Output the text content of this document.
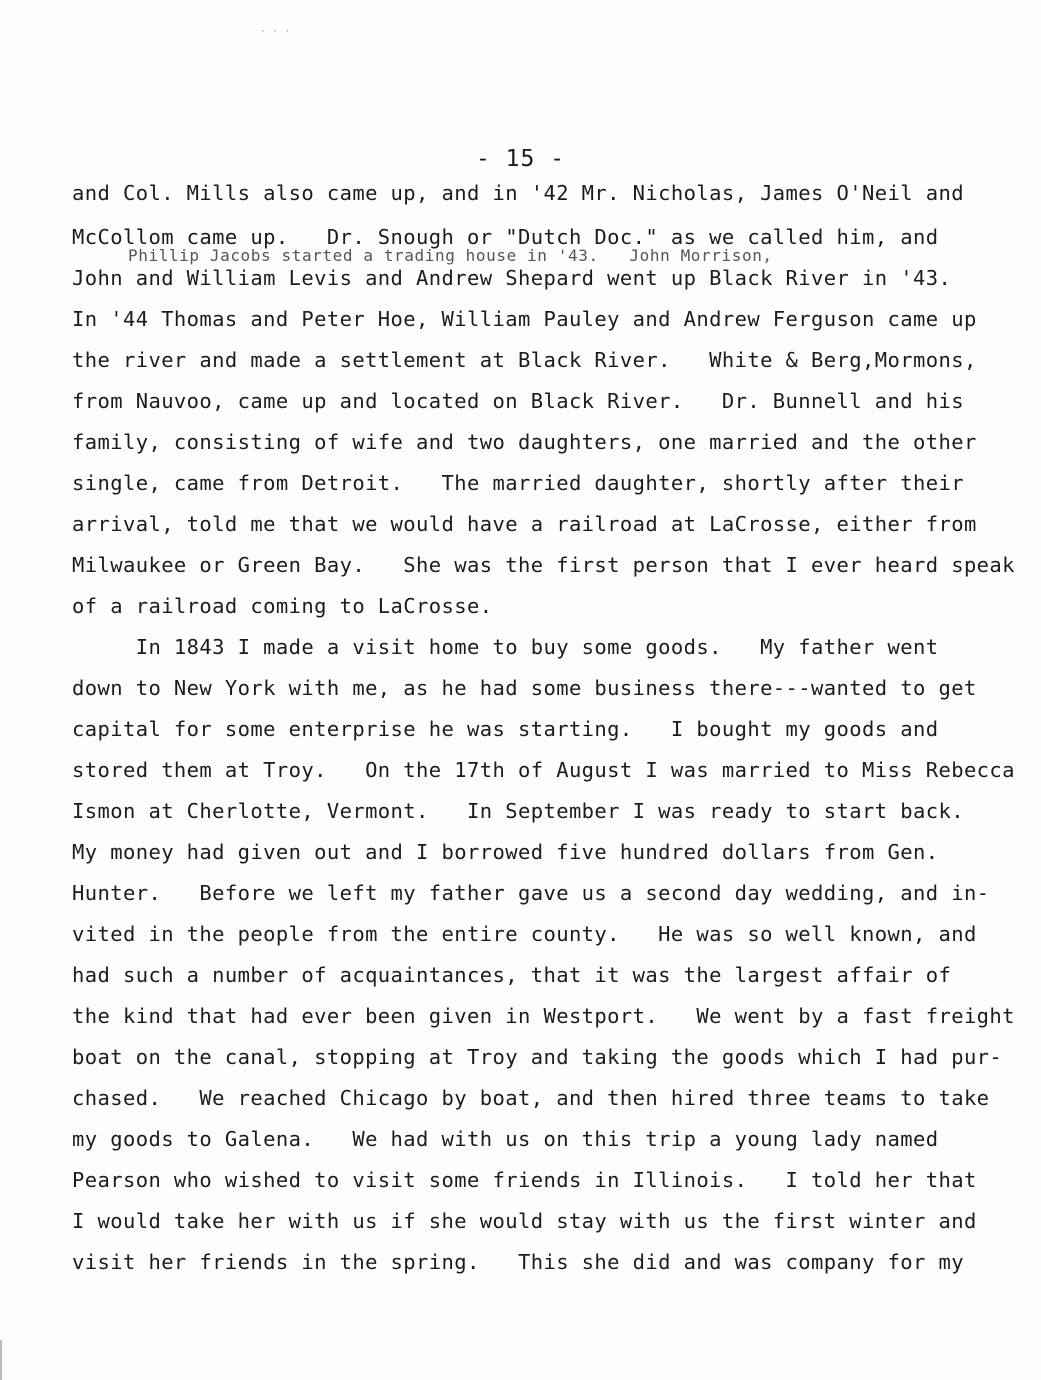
· · ·
- 15 -
and Col. Mills also came up, and in '42 Mr. Nicholas, James O'Neil and
McCollom came up.   Dr. Snough or "Dutch Doc." as we called him, and
Phillip Jacobs started a trading house in '43.   John Morrison,
John and William Levis and Andrew Shepard went up Black River in '43.
In '44 Thomas and Peter Hoe, William Pauley and Andrew Ferguson came up
the river and made a settlement at Black River.   White & Berg,Mormons,
from Nauvoo, came up and located on Black River.   Dr. Bunnell and his
family, consisting of wife and two daughters, one married and the other
single, came from Detroit.   The married daughter, shortly after their
arrival, told me that we would have a railroad at LaCrosse, either from
Milwaukee or Green Bay.   She was the first person that I ever heard speak
of a railroad coming to LaCrosse.
In 1843 I made a visit home to buy some goods.   My father went
down to New York with me, as he had some business there---wanted to get
capital for some enterprise he was starting.   I bought my goods and
stored them at Troy.   On the 17th of August I was married to Miss Rebecca
Ismon at Cherlotte, Vermont.   In September I was ready to start back.
My money had given out and I borrowed five hundred dollars from Gen.
Hunter.   Before we left my father gave us a second day wedding, and in-
vited in the people from the entire county.   He was so well known, and
had such a number of acquaintances, that it was the largest affair of
the kind that had ever been given in Westport.   We went by a fast freight
boat on the canal, stopping at Troy and taking the goods which I had pur-
chased.   We reached Chicago by boat, and then hired three teams to take
my goods to Galena.   We had with us on this trip a young lady named
Pearson who wished to visit some friends in Illinois.   I told her that
I would take her with us if she would stay with us the first winter and
visit her friends in the spring.   This she did and was company for my
